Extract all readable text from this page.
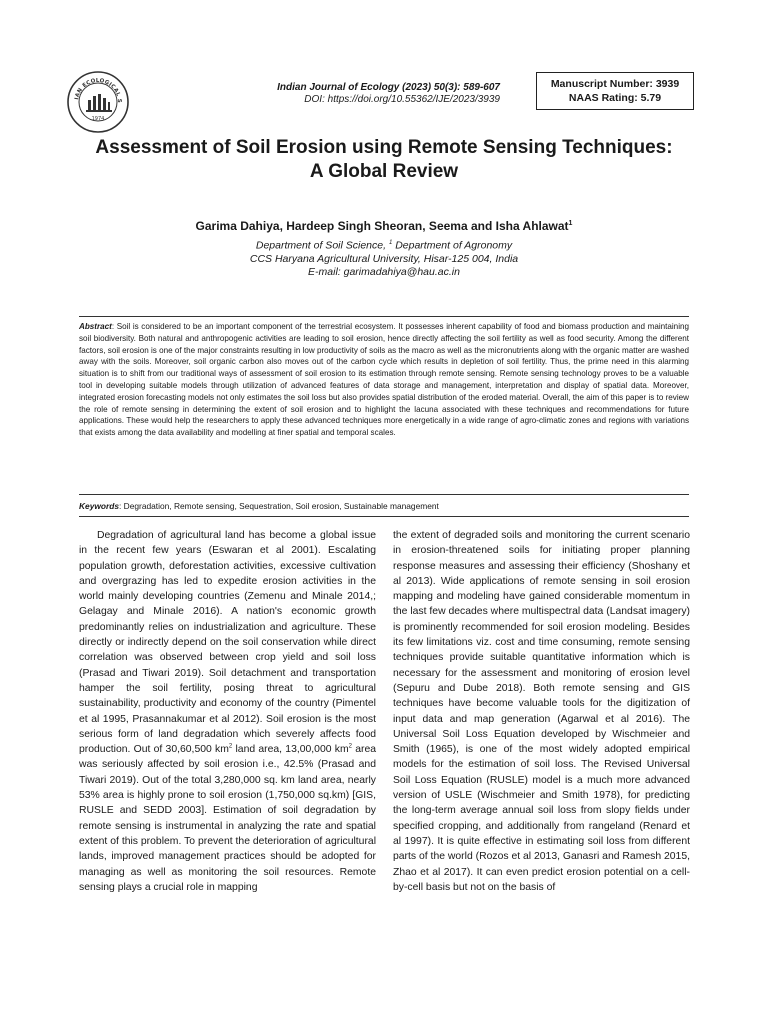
IAN ECOLOGICAL S
1974
Indian Journal of Ecology (2023) 50(3): 589-607
DOI: https://doi.org/10.55362/IJE/2023/3939
Manuscript Number: 3939
NAAS Rating: 5.79
Assessment of Soil Erosion using Remote Sensing Techniques:
A Global Review
Garima Dahiya, Hardeep Singh Sheoran, Seema and Isha Ahlawat$^1$
Department of Soil Science, $^1$ Department of Agronomy
CCS Haryana Agricultural University, Hisar-125 004, India
E-mail: garimadahiya@hau.ac.in

Abstract: Soil is considered to be an important component of the terrestrial ecosystem. It possesses inherent capability of food and biomass production and maintaining soil biodiversity. Both natural and anthropogenic activities are leading to soil erosion, hence directly affecting the soil fertility as well as food security. Among the different factors, soil erosion is one of the major constraints resulting in low productivity of soils as the macro as well as the micronutrients along with the organic matter are washed away with the soils. Moreover, soil organic carbon also moves out of the carbon cycle which results in depletion of soil fertility. Thus, the prime need in this alarming situation is to shift from our traditional ways of assessment of soil erosion to its estimation through remote sensing. Remote sensing technology proves to be a valuable tool in developing suitable models through utilization of advanced features of data storage and management, interpretation and display of spatial data. Moreover, integrated erosion forecasting models not only estimates the soil loss but also provides spatial distribution of the eroded material. Overall, the aim of this paper is to review the role of remote sensing in determining the extent of soil erosion and to highlight the lacuna associated with these techniques and recommendations for future applications. These would help the researchers to apply these advanced techniques more energetically in a wide range of agro-climatic zones and regions with variations that exists among the data availability and modelling at finer spatial and temporal scales.

Keywords: Degradation, Remote sensing, Sequestration, Soil erosion, Sustainable management

Degradation of agricultural land has become a global issue in the recent few years (Eswaran et al 2001). Escalating population growth, deforestation activities, excessive cultivation and overgrazing has led to expedite erosion activities in the world mainly developing countries (Zemenu and Minale 2014,; Gelagay and Minale 2016). A nation's economic growth predominantly relies on industrialization and agriculture. These directly or indirectly depend on the soil conservation while direct correlation was observed between crop yield and soil loss (Prasad and Tiwari 2019). Soil detachment and transportation hamper the soil fertility, posing threat to agricultural sustainability, productivity and economy of the country (Pimentel et al 1995, Prasannakumar et al 2012). Soil erosion is the most serious form of land degradation which severely affects food production. Out of 30,60,500 $km^2$ land area, 13,00,000 $km^2$ area was seriously affected by soil erosion i.e., 42.5% (Prasad and Tiwari 2019). Out of the total 3,280,000 sq. km land area, nearly 53% area is highly prone to soil erosion (1,750,000 sq.km) [GIS, RUSLE and SEDD 2003]. Estimation of soil degradation by remote sensing is instrumental in analyzing the rate and spatial extent of this problem. To prevent the deterioration of agricultural lands, improved management practices should be adopted for managing as well as monitoring the soil resources. Remote sensing plays a crucial role in mapping

the extent of degraded soils and monitoring the current scenario in erosion-threatened soils for initiating proper planning response measures and assessing their efficiency (Shoshany et al 2013). Wide applications of remote sensing in soil erosion mapping and modeling have gained considerable momentum in the last few decades where multispectral data (Landsat imagery) is prominently recommended for soil erosion modeling. Besides its few limitations viz. cost and time consuming, remote sensing techniques provide suitable quantitative information which is necessary for the assessment and monitoring of erosion level (Sepuru and Dube 2018). Both remote sensing and GIS techniques have become valuable tools for the digitization of input data and map generation (Agarwal et al 2016). The Universal Soil Loss Equation developed by Wischmeier and Smith (1965), is one of the most widely adopted empirical models for the estimation of soil loss. The Revised Universal Soil Loss Equation (RUSLE) model is a much more advanced version of USLE (Wischmeier and Smith 1978), for predicting the long-term average annual soil loss from slopy fields under specified cropping, and additionally from rangeland (Renard et al 1997). It is quite effective in estimating soil loss from different parts of the world (Rozos et al 2013, Ganasri and Ramesh 2015, Zhao et al 2017). It can even predict erosion potential on a cell-by-cell basis but not on the basis of
